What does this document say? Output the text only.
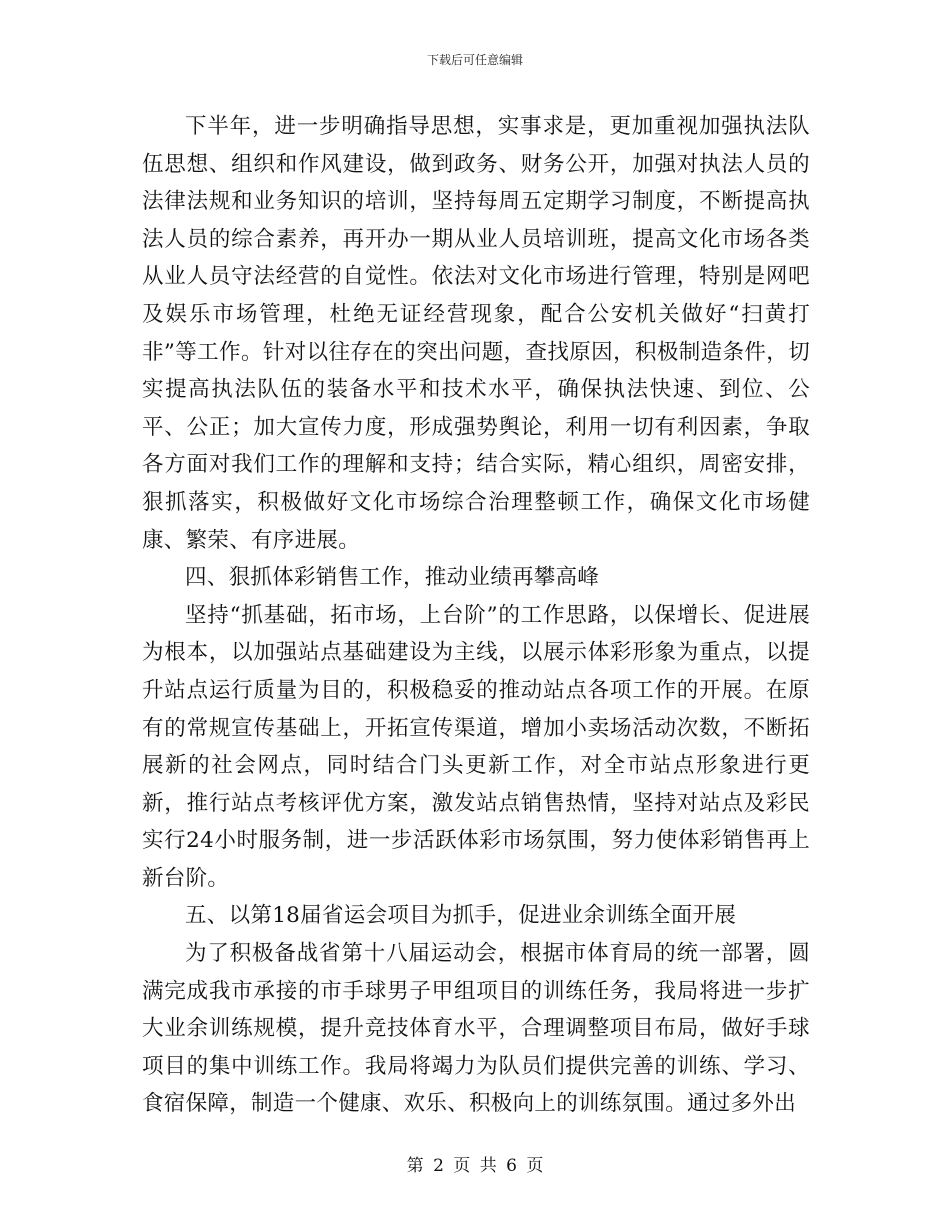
下载后可任意编辑

下半年，进一步明确指导思想，实事求是，更加重视加强执法队伍思想、组织和作风建设，做到政务、财务公开，加强对执法人员的法律法规和业务知识的培训，坚持每周五定期学习制度，不断提高执法人员的综合素养，再开办一期从业人员培训班，提高文化市场各类从业人员守法经营的自觉性。依法对文化市场进行管理，特别是网吧及娱乐市场管理，杜绝无证经营现象，配合公安机关做好“扫黄打非”等工作。针对以往存在的突出问题，查找原因，积极制造条件，切实提高执法队伍的装备水平和技术水平，确保执法快速、到位、公平、公正；加大宣传力度，形成强势舆论，利用一切有利因素，争取各方面对我们工作的理解和支持；结合实际，精心组织，周密安排，狠抓落实，积极做好文化市场综合治理整顿工作，确保文化市场健康、繁荣、有序进展。

四、狠抓体彩销售工作，推动业绩再攀高峰

坚持“抓基础，拓市场，上台阶”的工作思路，以保增长、促进展为根本，以加强站点基础建设为主线，以展示体彩形象为重点，以提升站点运行质量为目的，积极稳妥的推动站点各项工作的开展。在原有的常规宣传基础上，开拓宣传渠道，增加小卖场活动次数，不断拓展新的社会网点，同时结合门头更新工作，对全市站点形象进行更新，推行站点考核评优方案，激发站点销售热情，坚持对站点及彩民实行24小时服务制，进一步活跃体彩市场氛围，努力使体彩销售再上新台阶。

五、以第18届省运会项目为抓手，促进业余训练全面开展

为了积极备战省第十八届运动会，根据市体育局的统一部署，圆满完成我市承接的市手球男子甲组项目的训练任务，我局将进一步扩大业余训练规模，提升竞技体育水平，合理调整项目布局，做好手球项目的集中训练工作。我局将竭力为队员们提供完善的训练、学习、食宿保障，制造一个健康、欢乐、积极向上的训练氛围。通过多外出

第 2 页 共 6 页
